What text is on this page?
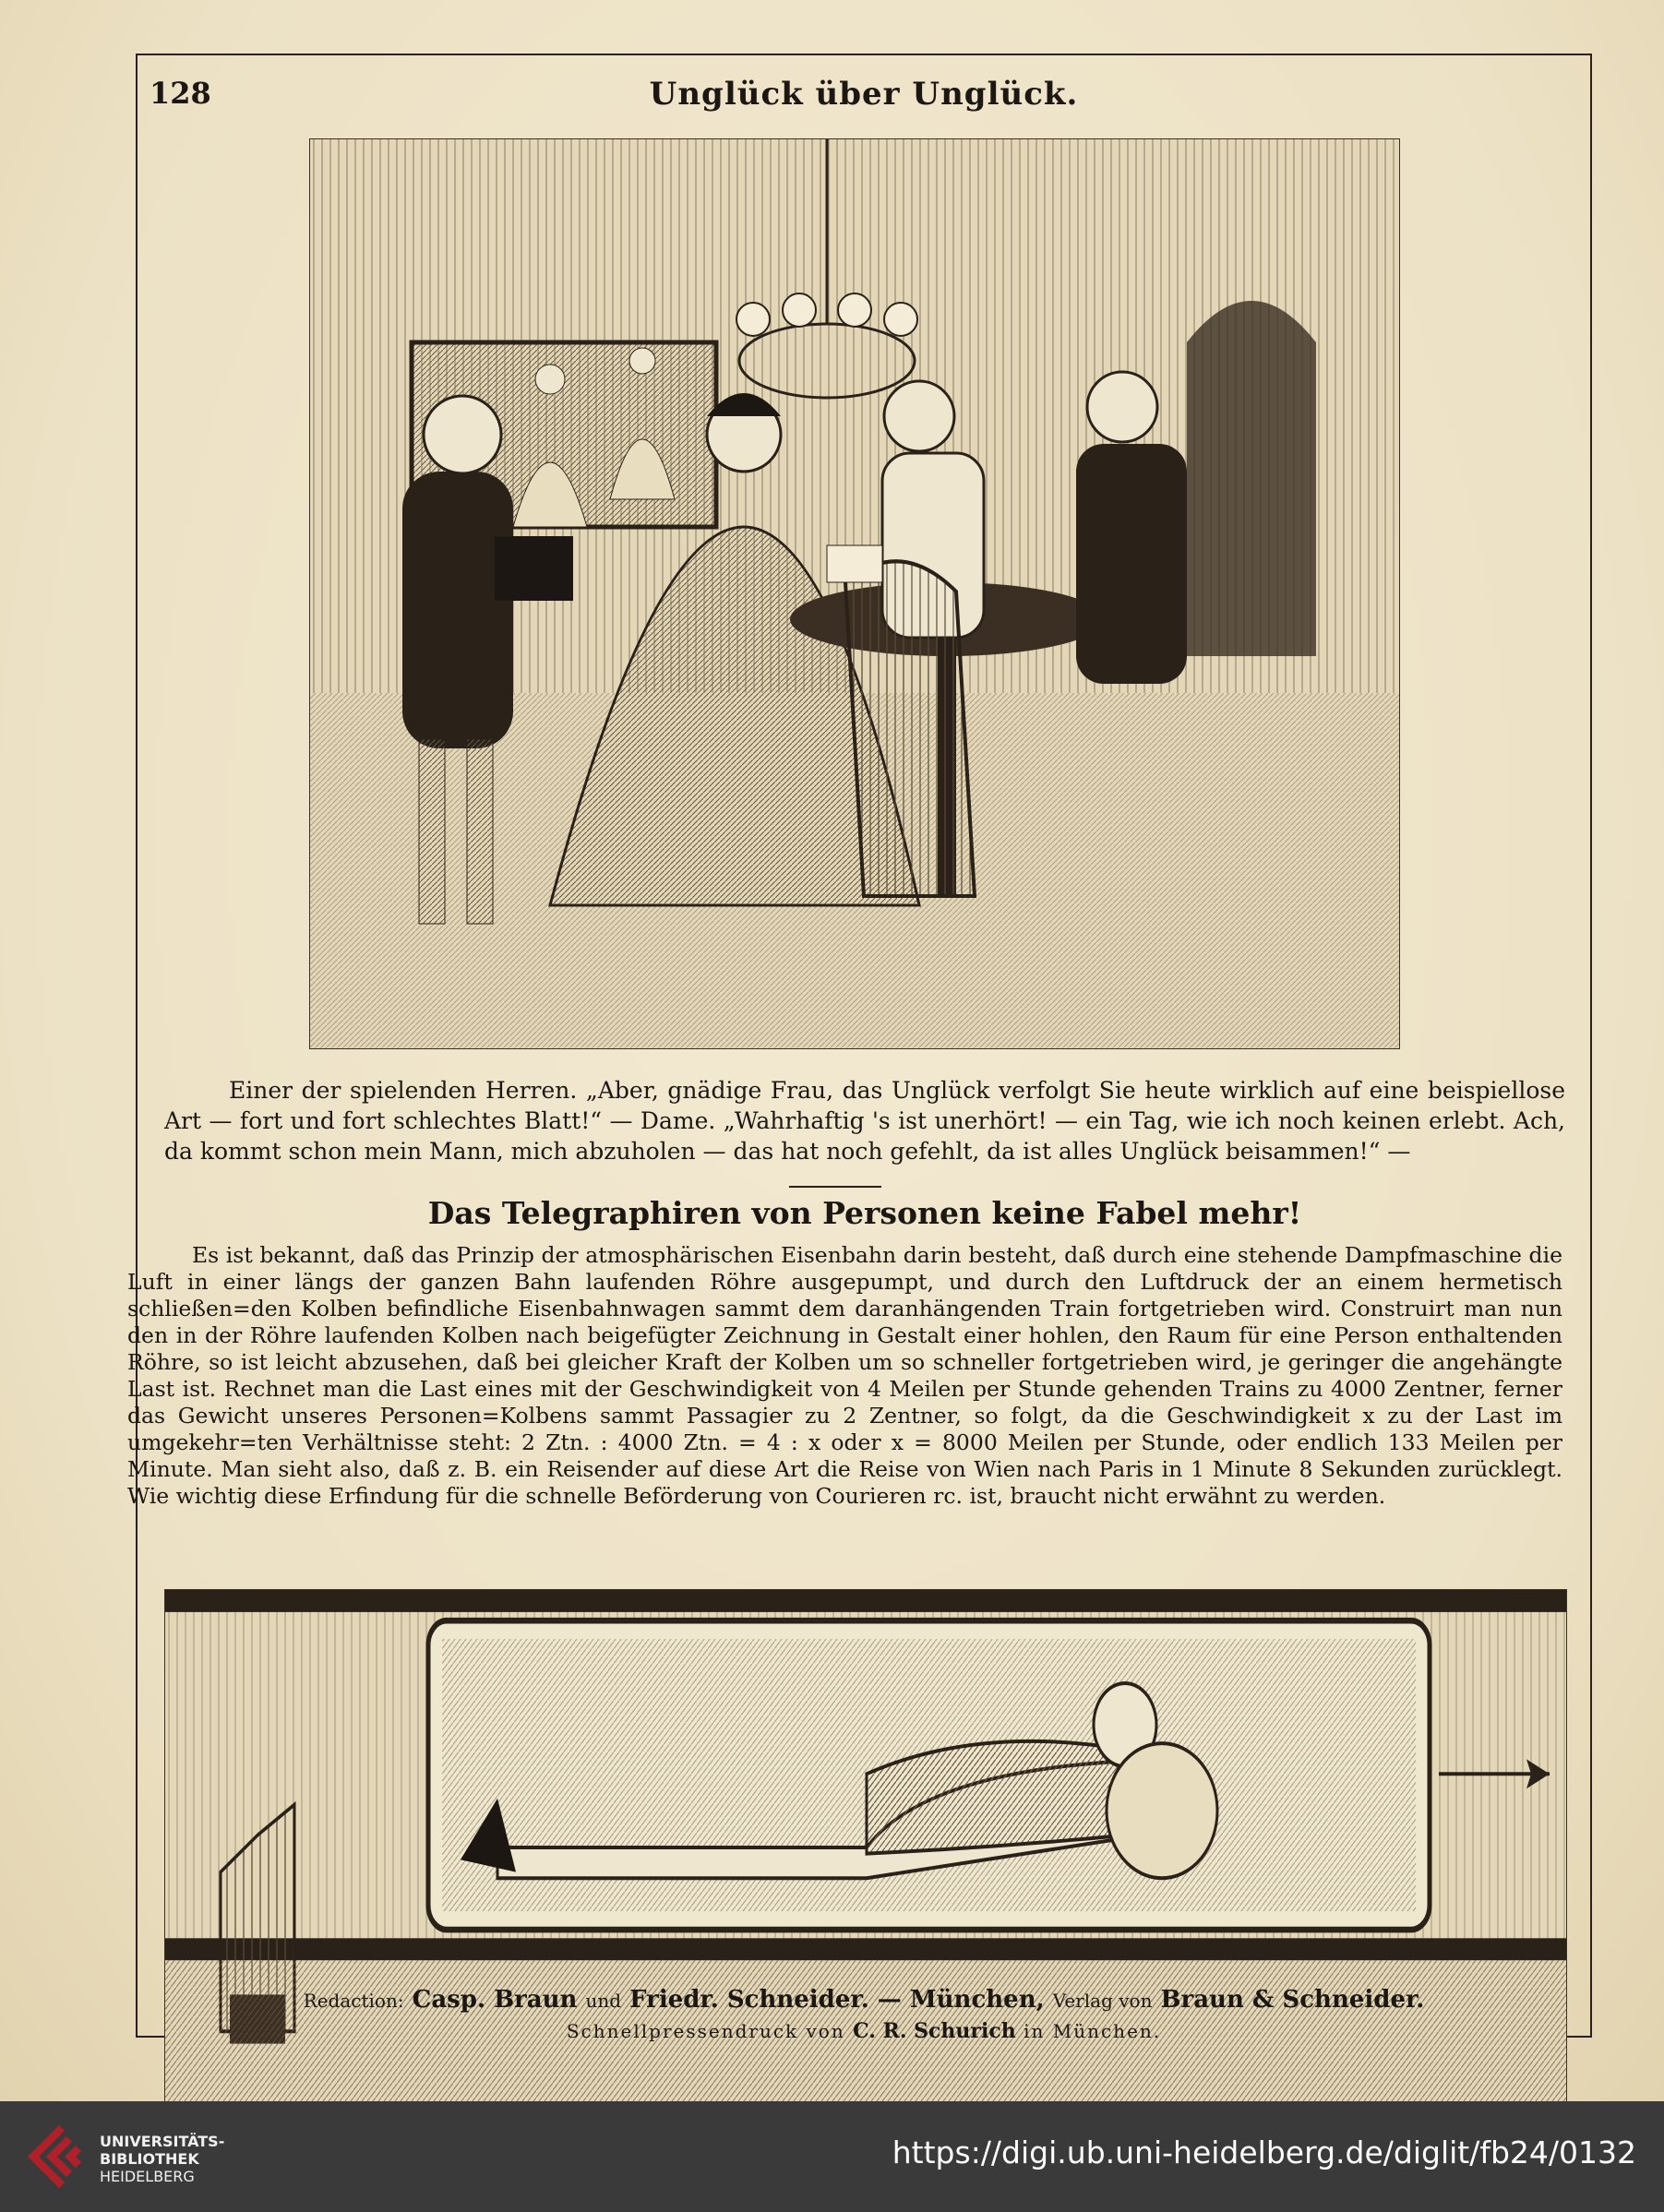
128	Unglück über Unglück.
Einer der spielenden Herren. „Aber, gnädige Frau, das Unglück verfolgt Sie heute wirklich auf eine beispiellose Art — fort und fort schlechtes Blatt!“ — Dame. „Wahrhaftig 's ist unerhört! — ein Tag, wie ich noch keinen erlebt. Ach, da kommt schon mein Mann, mich abzuholen — das hat noch gefehlt, da ist alles Unglück beisammen!“ —
Das Telegraphiren von Personen keine Fabel mehr!
Es ist bekannt, daß das Prinzip der atmosphärischen Eisenbahn darin besteht, daß durch eine stehende Dampfmaschine die Luft in einer längs der ganzen Bahn laufenden Röhre ausgepumpt, und durch den Luftdruck der an einem hermetisch schließen=den Kolben befindliche Eisenbahnwagen sammt dem daranhängenden Train fortgetrieben wird. Construirt man nun den in der Röhre laufenden Kolben nach beigefügter Zeichnung in Gestalt einer hohlen, den Raum für eine Person enthaltenden Röhre, so ist leicht abzusehen, daß bei gleicher Kraft der Kolben um so schneller fortgetrieben wird, je geringer die angehängte Last ist. Rechnet man die Last eines mit der Geschwindigkeit von 4 Meilen per Stunde gehenden Trains zu 4000 Zentner, ferner das Gewicht unseres Personen=Kolbens sammt Passagier zu 2 Zentner, so folgt, da die Geschwindigkeit x zu der Last im umgekehr=ten Verhältnisse steht: 2 Ztn. : 4000 Ztn. = 4 : x oder x = 8000 Meilen per Stunde, oder endlich 133 Meilen per Minute. Man sieht also, daß z. B. ein Reisender auf diese Art die Reise von Wien nach Paris in 1 Minute 8 Sekunden zurücklegt. Wie wichtig diese Erfindung für die schnelle Beförderung von Courieren rc. ist, braucht nicht erwähnt zu werden.
Redaction: Casp. Braun und Friedr. Schneider. — München, Verlag von Braun & Schneider.
Schnellpressendruck von C. R. Schurich in München.
UNIVERSITÄTS-
BIBLIOTHEK
HEIDELBERG
https://digi.ub.uni-heidelberg.de/diglit/fb24/0132
